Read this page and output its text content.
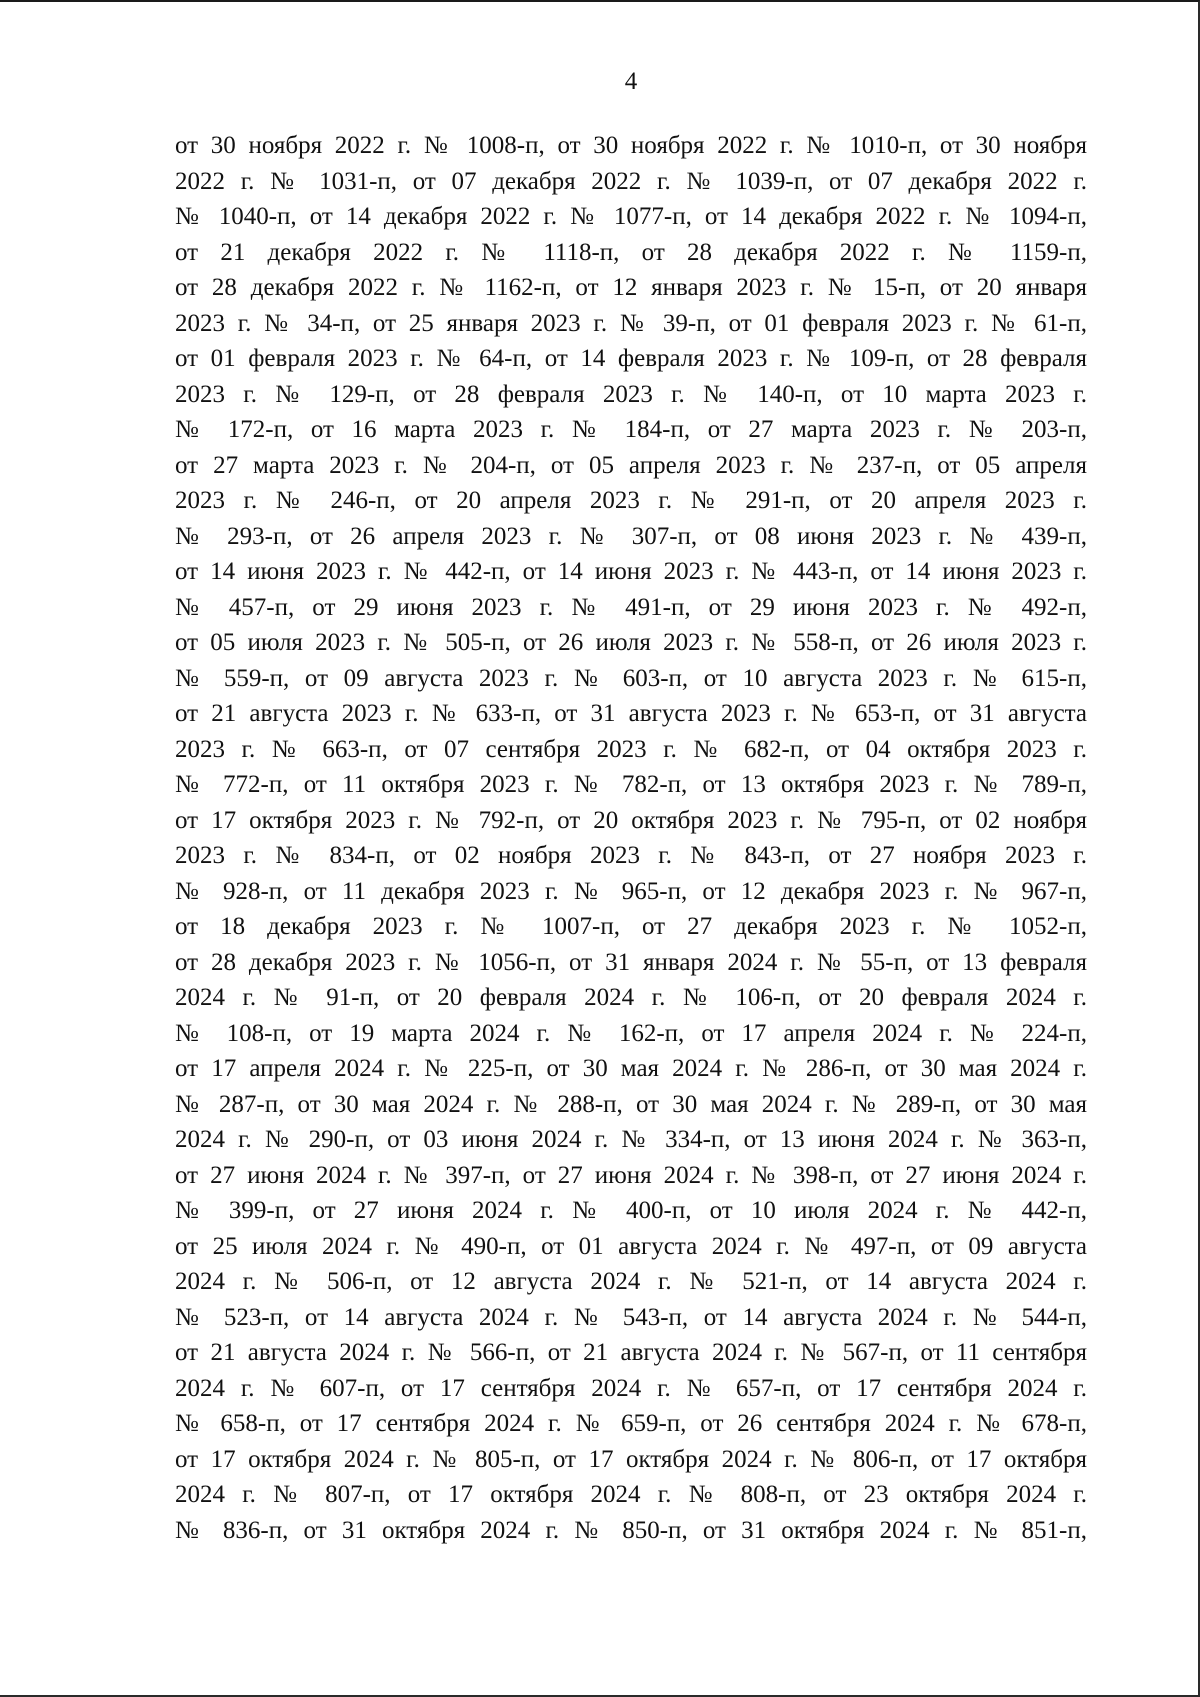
4
от 30 ноября 2022 г. № 1008-п, от 30 ноября 2022 г. № 1010-п, от 30 ноября
2022 г. № 1031-п, от 07 декабря 2022 г. № 1039-п, от 07 декабря 2022 г.
№ 1040-п, от 14 декабря 2022 г. № 1077-п, от 14 декабря 2022 г. № 1094-п,
от 21 декабря 2022 г. № 1118-п, от 28 декабря 2022 г. № 1159-п,
от 28 декабря 2022 г. № 1162-п, от 12 января 2023 г. № 15-п, от 20 января
2023 г. № 34-п, от 25 января 2023 г. № 39-п, от 01 февраля 2023 г. № 61-п,
от 01 февраля 2023 г. № 64-п, от 14 февраля 2023 г. № 109-п, от 28 февраля
2023 г. № 129-п, от 28 февраля 2023 г. № 140-п, от 10 марта 2023 г.
№ 172-п, от 16 марта 2023 г. № 184-п, от 27 марта 2023 г. № 203-п,
от 27 марта 2023 г. № 204-п, от 05 апреля 2023 г. № 237-п, от 05 апреля
2023 г. № 246-п, от 20 апреля 2023 г. № 291-п, от 20 апреля 2023 г.
№ 293-п, от 26 апреля 2023 г. № 307-п, от 08 июня 2023 г. № 439-п,
от 14 июня 2023 г. № 442-п, от 14 июня 2023 г. № 443-п, от 14 июня 2023 г.
№ 457-п, от 29 июня 2023 г. № 491-п, от 29 июня 2023 г. № 492-п,
от 05 июля 2023 г. № 505-п, от 26 июля 2023 г. № 558-п, от 26 июля 2023 г.
№ 559-п, от 09 августа 2023 г. № 603-п, от 10 августа 2023 г. № 615-п,
от 21 августа 2023 г. № 633-п, от 31 августа 2023 г. № 653-п, от 31 августа
2023 г. № 663-п, от 07 сентября 2023 г. № 682-п, от 04 октября 2023 г.
№ 772-п, от 11 октября 2023 г. № 782-п, от 13 октября 2023 г. № 789-п,
от 17 октября 2023 г. № 792-п, от 20 октября 2023 г. № 795-п, от 02 ноября
2023 г. № 834-п, от 02 ноября 2023 г. № 843-п, от 27 ноября 2023 г.
№ 928-п, от 11 декабря 2023 г. № 965-п, от 12 декабря 2023 г. № 967-п,
от 18 декабря 2023 г. № 1007-п, от 27 декабря 2023 г. № 1052-п,
от 28 декабря 2023 г. № 1056-п, от 31 января 2024 г. № 55-п, от 13 февраля
2024 г. № 91-п, от 20 февраля 2024 г. № 106-п, от 20 февраля 2024 г.
№ 108-п, от 19 марта 2024 г. № 162-п, от 17 апреля 2024 г. № 224-п,
от 17 апреля 2024 г. № 225-п, от 30 мая 2024 г. № 286-п, от 30 мая 2024 г.
№ 287-п, от 30 мая 2024 г. № 288-п, от 30 мая 2024 г. № 289-п, от 30 мая
2024 г. № 290-п, от 03 июня 2024 г. № 334-п, от 13 июня 2024 г. № 363-п,
от 27 июня 2024 г. № 397-п, от 27 июня 2024 г. № 398-п, от 27 июня 2024 г.
№ 399-п, от 27 июня 2024 г. № 400-п, от 10 июля 2024 г. № 442-п,
от 25 июля 2024 г. № 490-п, от 01 августа 2024 г. № 497-п, от 09 августа
2024 г. № 506-п, от 12 августа 2024 г. № 521-п, от 14 августа 2024 г.
№ 523-п, от 14 августа 2024 г. № 543-п, от 14 августа 2024 г. № 544-п,
от 21 августа 2024 г. № 566-п, от 21 августа 2024 г. № 567-п, от 11 сентября
2024 г. № 607-п, от 17 сентября 2024 г. № 657-п, от 17 сентября 2024 г.
№ 658-п, от 17 сентября 2024 г. № 659-п, от 26 сентября 2024 г. № 678-п,
от 17 октября 2024 г. № 805-п, от 17 октября 2024 г. № 806-п, от 17 октября
2024 г. № 807-п, от 17 октября 2024 г. № 808-п, от 23 октября 2024 г.
№ 836-п, от 31 октября 2024 г. № 850-п, от 31 октября 2024 г. № 851-п,
